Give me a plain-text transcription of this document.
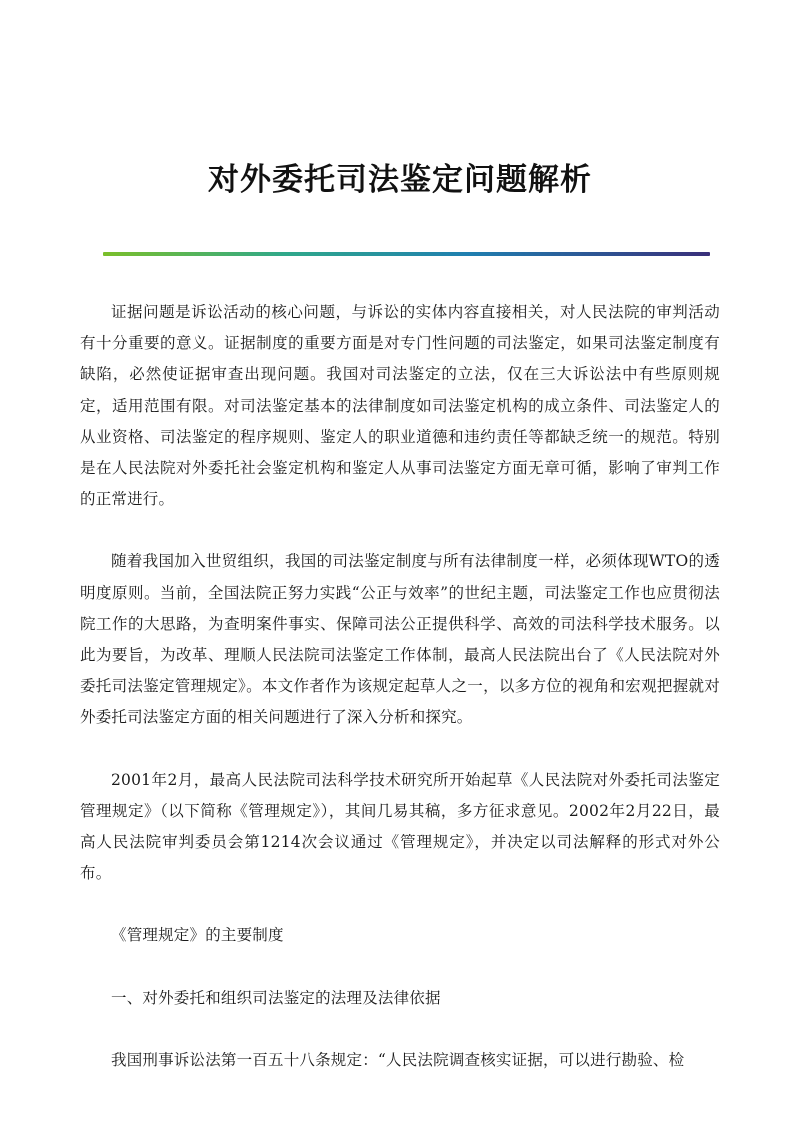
对外委托司法鉴定问题解析

证据问题是诉讼活动的核心问题，与诉讼的实体内容直接相关，对人民法院的审判活动有十分重要的意义。证据制度的重要方面是对专门性问题的司法鉴定，如果司法鉴定制度有缺陷，必然使证据审查出现问题。我国对司法鉴定的立法，仅在三大诉讼法中有些原则规定，适用范围有限。对司法鉴定基本的法律制度如司法鉴定机构的成立条件、司法鉴定人的从业资格、司法鉴定的程序规则、鉴定人的职业道德和违约责任等都缺乏统一的规范。特别是在人民法院对外委托社会鉴定机构和鉴定人从事司法鉴定方面无章可循，影响了审判工作的正常进行。

随着我国加入世贸组织，我国的司法鉴定制度与所有法律制度一样，必须体现WTO的透明度原则。当前，全国法院正努力实践“公正与效率”的世纪主题，司法鉴定工作也应贯彻法院工作的大思路，为查明案件事实、保障司法公正提供科学、高效的司法科学技术服务。以此为要旨，为改革、理顺人民法院司法鉴定工作体制，最高人民法院出台了《人民法院对外委托司法鉴定管理规定》。本文作者作为该规定起草人之一，以多方位的视角和宏观把握就对外委托司法鉴定方面的相关问题进行了深入分析和探究。

2001年2月，最高人民法院司法科学技术研究所开始起草《人民法院对外委托司法鉴定管理规定》（以下简称《管理规定》），其间几易其稿，多方征求意见。2002年2月22日，最高人民法院审判委员会第1214次会议通过《管理规定》，并决定以司法解释的形式对外公布。

《管理规定》的主要制度

一、对外委托和组织司法鉴定的法理及法律依据

我国刑事诉讼法第一百五十八条规定：“人民法院调查核实证据，可以进行勘验、检
